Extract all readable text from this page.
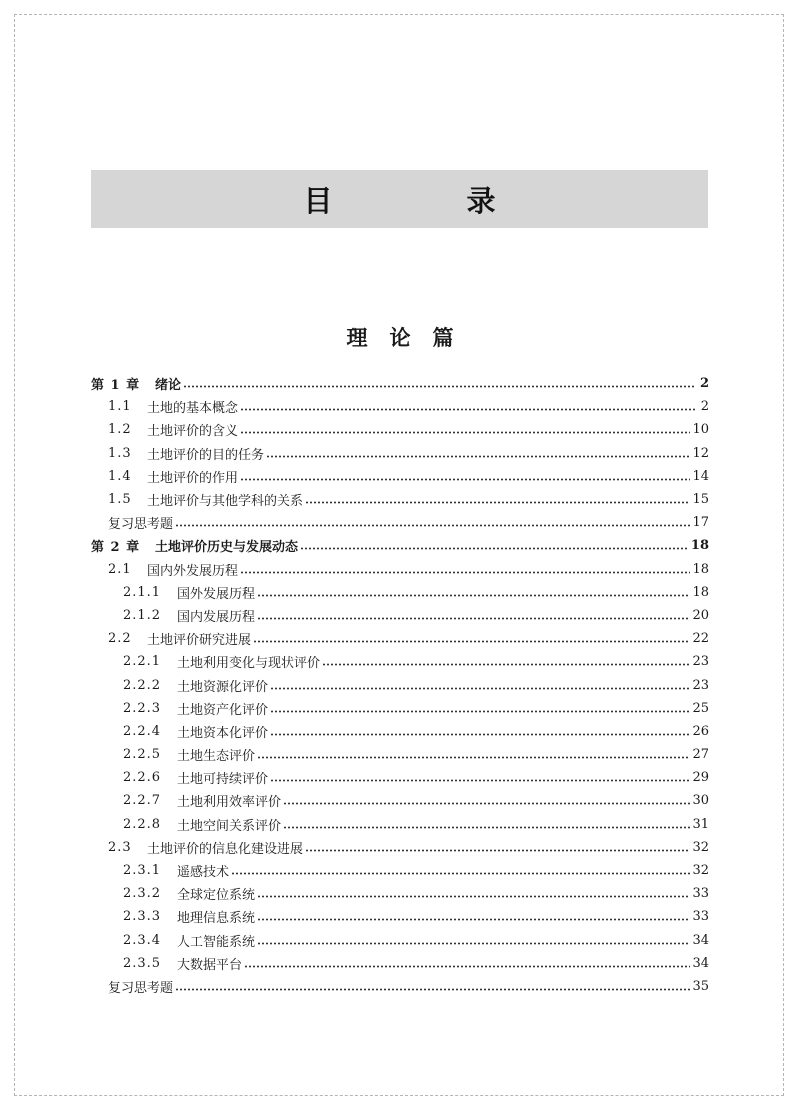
目 录
理论篇
第 1 章	绪论	2
1.1	土地的基本概念	2
1.2	土地评价的含义	10
1.3	土地评价的目的任务	12
1.4	土地评价的作用	14
1.5	土地评价与其他学科的关系	15
复习思考题	17
第 2 章	土地评价历史与发展动态	18
2.1	国内外发展历程	18
2.1.1	国外发展历程	18
2.1.2	国内发展历程	20
2.2	土地评价研究进展	22
2.2.1	土地利用变化与现状评价	23
2.2.2	土地资源化评价	23
2.2.3	土地资产化评价	25
2.2.4	土地资本化评价	26
2.2.5	土地生态评价	27
2.2.6	土地可持续评价	29
2.2.7	土地利用效率评价	30
2.2.8	土地空间关系评价	31
2.3	土地评价的信息化建设进展	32
2.3.1	遥感技术	32
2.3.2	全球定位系统	33
2.3.3	地理信息系统	33
2.3.4	人工智能系统	34
2.3.5	大数据平台	34
复习思考题	35
